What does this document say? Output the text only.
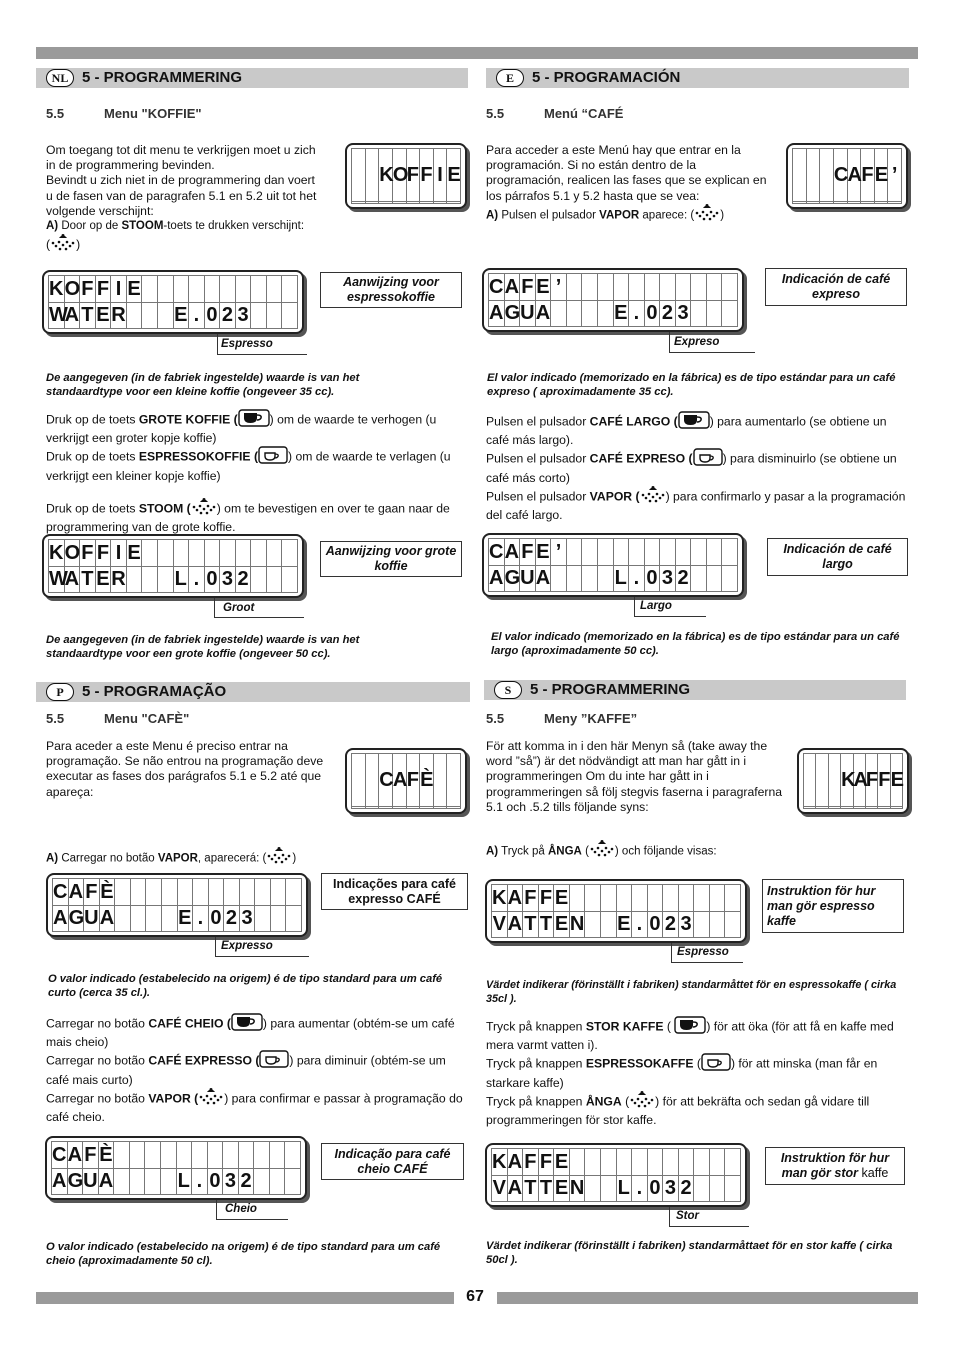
NL 5 - PROGRAMMERING
5.5	Menu "KOFFIE"

Om toegang tot dit menu te verkrijgen moet u zich

in de programmering bevinden.

Bevindt u zich niet in de programmering dan voert

u de fasen van de paragrafen 5.1 en 5.2 uit tot het

volgende verschijnt:

A) Door op de STOOM-toets te drukken verschijnt:

( )

		K	O	F	F	I	E

K	O	F	F	I	E										
W	A	T	E	R				E	.	0	2	3			
Aanwijzing voor espressokoffie
Espresso
De aangegeven (in de fabriek ingestelde) waarde is van het standaardtype voor een kleine koffie (ongeveer 35 cc).

Druk op de toets GROTE KOFFIE (	) om de waarde te verhogen (u verkrijgt een groter kopje koffie)

Druk op de toets ESPRESSOKOFFIE ( ) om de waarde te verlagen (u verkrijgt een kleiner kopje koffie)

Druk op de toets STOOM ( ) om te bevestigen en over te gaan naar de programmering van de grote koffie.

K	O	F	F	I	E										
W	A	T	E	R				L	.	0	3	2			
Aanwijzing voor grote koffie
Groot
De aangegeven (in de fabriek ingestelde) waarde is van het standaardtype voor een grote koffie (ongeveer 50 cc).
E	5 - PROGRAMACIÓN
5.5	Menú “CAFÉ

Para acceder a este Menú hay que entrar en la programación. Si no están dentro de la programación, realicen las fases que se explican en los párrafos 5.1 y 5.2 hasta que se vea:

A) Pulsen el pulsador VAPOR aparece: ( )

			C	A	F	E	’

C	A	F	E	’											
A	G	U	A					E	.	0	2	3			
Indicación de café expreso
Expreso
El valor indicado (memorizado en la fábrica) es de tipo estándar para un café expreso ( aproximadamente 35 cc).

Pulsen el pulsador CAFÉ LARGO (	) para aumentarlo (se obtiene un café más largo).

Pulsen el pulsador CAFÉ EXPRESO ( ) para disminuirlo (se obtiene un café más corto)

Pulsen el pulsador VAPOR ( ) para confirmarlo y pasar a la programación del café largo.

C	A	F	E	’											
A	G	U	A					L	.	0	3	2			
Indicación de café largo
Largo
El valor indicado (memorizado en la fábrica) es de tipo estándar para un café largo (aproximadamente 50 cc).
P	5 - PROGRAMAÇÃO
5.5	Menu "CAFÈ"

Para aceder a este Menu é preciso entrar na programação. Se não entrou na programação deve executar as fases dos parágrafos 5.1 e 5.2 até que apareça:

		C	A	F	È		

A) Carregar no botão VAPOR, aparecerá: ( )

C	A	F	È												
A	G	U	A					E	.	0	2	3			
Indicações para café expresso CAFÉ
Expresso
O valor indicado (estabelecido na origem) é de tipo standard para um café curto (cerca 35 cl.).

Carregar no botão CAFÉ CHEIO (	) para aumentar (obtém-se um café mais cheio)

Carregar no botão CAFÉ EXPRESSO ( ) para diminuir (obtém-se um café mais curto)

Carregar no botão VAPOR ( ) para confirmar e passar à programação do café cheio.

C	A	F	È												
A	G	U	A					L	.	0	3	2			
Indicação para café cheio CAFÉ
Cheio
O valor indicado (estabelecido na origem) é de tipo standard para um café cheio (aproximadamente 50 cl).
S	5 - PROGRAMMERING
5.5	Meny ”KAFFE”

För att komma in i den här Menyn så (take away the word ”så”) är det nödvändigt att man har gått in i programmeringen Om du inte har gått in i programmeringen så följ stegvis faserna i paragraferna 5.1 och .5.2 tills följande syns:

			K	A	F	F	E

A) Tryck på ÅNGA ( ) och följande visas:

K	A	F	F	E											
V	A	T	T	E	N			E	.	0	2	3			
Instruktion för hur man gör espresso kaffe
Espresso
Värdet indikerar (förinställt i fabriken) standarmåttet för en espressokaffe ( cirka 35cl ).

Tryck på knappen STOR KAFFE (	) för att öka (för att få en kaffe med mera varmt vatten i).

Tryck på knappen ESPRESSOKAFFE ( ) för att minska (man får en starkare kaffe)

Tryck på knappen ÅNGA ( ) för att bekräfta och sedan gå vidare till programmeringen för stor kaffe.

K	A	F	F	E											
V	A	T	T	E	N			L	.	0	3	2			
Instruktion för hur man gör stor kaffe
Stor
Värdet indikerar (förinställt i fabriken) standarmåttaet för en stor kaffe ( cirka 50cl ).
67
